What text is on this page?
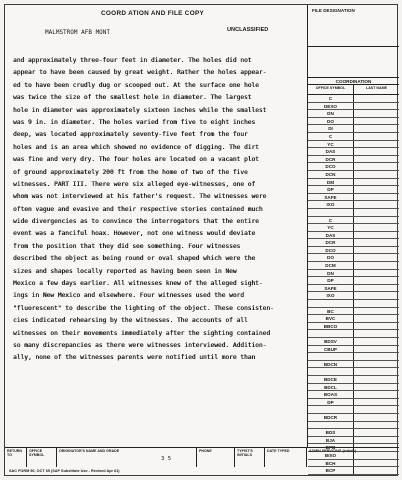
COORD ATION AND FILE COPY
UNCLASSIFIED
MALMSTROM AFB MONT
and approximately three-four feet in diameter. The holes did not
appear to have been caused by great weight. Rather the holes appear-
ed to have been crudly dug or scooped out. At the surface one hole
was twice the size of the smallest hole in diameter. The largest
hole in diameter was approximately sixteen inches while the smallest
was 9 in. in diameter. The holes varied from five to eight inches
deep, was located approximately seventy-five feet from the four
holes and is an area which showed no evidence of digging. The dirt
was fine and very dry. The four holes are located on a vacant plot
of ground approximately 200 ft from the home of two of the five
witnesses. PART III. There were six alleged eye-witnesses, one of
whom was not interviewed at his father's request. The witnesses were
often vague and evasive and their respective stories contained much
wide divergencies as to convince the interrogators that the entire
event was a fanciful hoax. However, not one witness would deviate
from the position that they did see something. Four witnesses
described the object as being round or oval shaped which were the
sizes and shapes locally reported as having been seen in New
Mexico a few days earlier. All witnesses knew of the alleged sight-
ings in New Mexico and elsewhere. Four witnesses used the word
"fluorescent" to describe the lighting of the object. These consisten-
cies indicated rehearsing by the witnesses. The accounts of all
witnesses on their movements immediately after the sighting contained
so many discrepancies as there were witnesses interviewed. Addition-
ally, none of the witnesses parents were notified until more than
FILE DESIGNATION
COORDINATION
OFFICE SYMBOL	LAST NAME
C
DEXO
DN
DO
DI
C
YC
DAS
DCR
DCO
DCN
DM
DP
SAFE
IXO
C
YC
DAS
DCR
DCO
DO
DCM
DN
DP
SAFE
IXO
BC
BVC
BBCO
BDSV
CBUP
BDCN
BDCE
BDCL
BOAS
DP
BDCR
BDS
BJA
BPB
BIXO
BCH
BCP
RETURN TO
OFFICE SYMBOL
ORIGINATOR'S NAME AND GRADE
3 5
PHONE	TYPIST'S INITIALS
DATE TYPED	ADMIN SERVICING (Initials)
SAC FORM 96, OCT 65 (SAP Substitute Use - Revised Apr 61)
